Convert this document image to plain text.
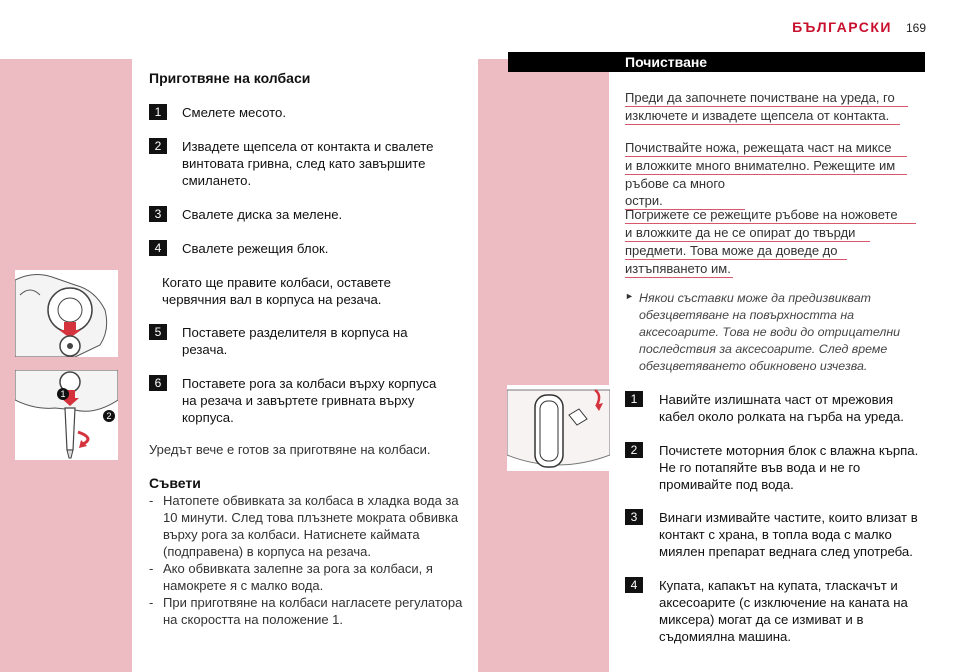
БЪЛГАРСКИ 169
1
2
Приготвяне на колбаси
1	Смелете месото.
2	Извадете щепсела от контакта и свалете винтовата гривна, след като завършите смилането.
3	Свалете диска за мелене.
4	Свалете режещия блок.
Когато ще правите колбаси, оставете червячния вал в корпуса на резача.
5	Поставете разделителя в корпуса на резача.
6	Поставете рога за колбаси върху корпуса на резача и завъртете гривната върху корпуса.
Уредът вече е готов за приготвяне на колбаси.
Съвети
- Натопете обвивката за колбаса в хладка вода за 10 минути. След това плъзнете мократа обвивка върху рога за колбаси. Натиснете каймата (подправена) в корпуса на резача.
- Ако обвивката залепне за рога за колбаси, я намокрете я с малко вода.
- При приготвяне на колбаси нагласете регулатора на скоростта на положение 1.
Почистване
Преди да започнете почистване на уреда, го
изключете и извадете щепсела от контакта.
Почиствайте ножа, режещата част на миксе
и вложките много внимателно. Режещите им
ръбове са много остри.
Погрижете се режещите ръбове на ножовете
и вложките да не се опират до твърди
предмети. Това може да доведе до
изтъпяването им.
► Някои съставки може да предизвикват обезцветяване на повърхността на аксесоарите. Това не води до отрицателни последствия за аксесоарите. След време обезцветяването обикновено изчезва.
1	Навийте излишната част от мрежовия кабел около ролката на гърба на уреда.
2	Почистете моторния блок с влажна кърпа. Не го потапяйте във вода и не го промивайте под вода.
3	Винаги измивайте частите, които влизат в контакт с храна, в топла вода с малко миялен препарат веднага след употреба.
4	Купата, капакът на купата, тласкачът и аксесоарите (с изключение на каната на миксера) могат да се измиват и в съдомиялна машина.
